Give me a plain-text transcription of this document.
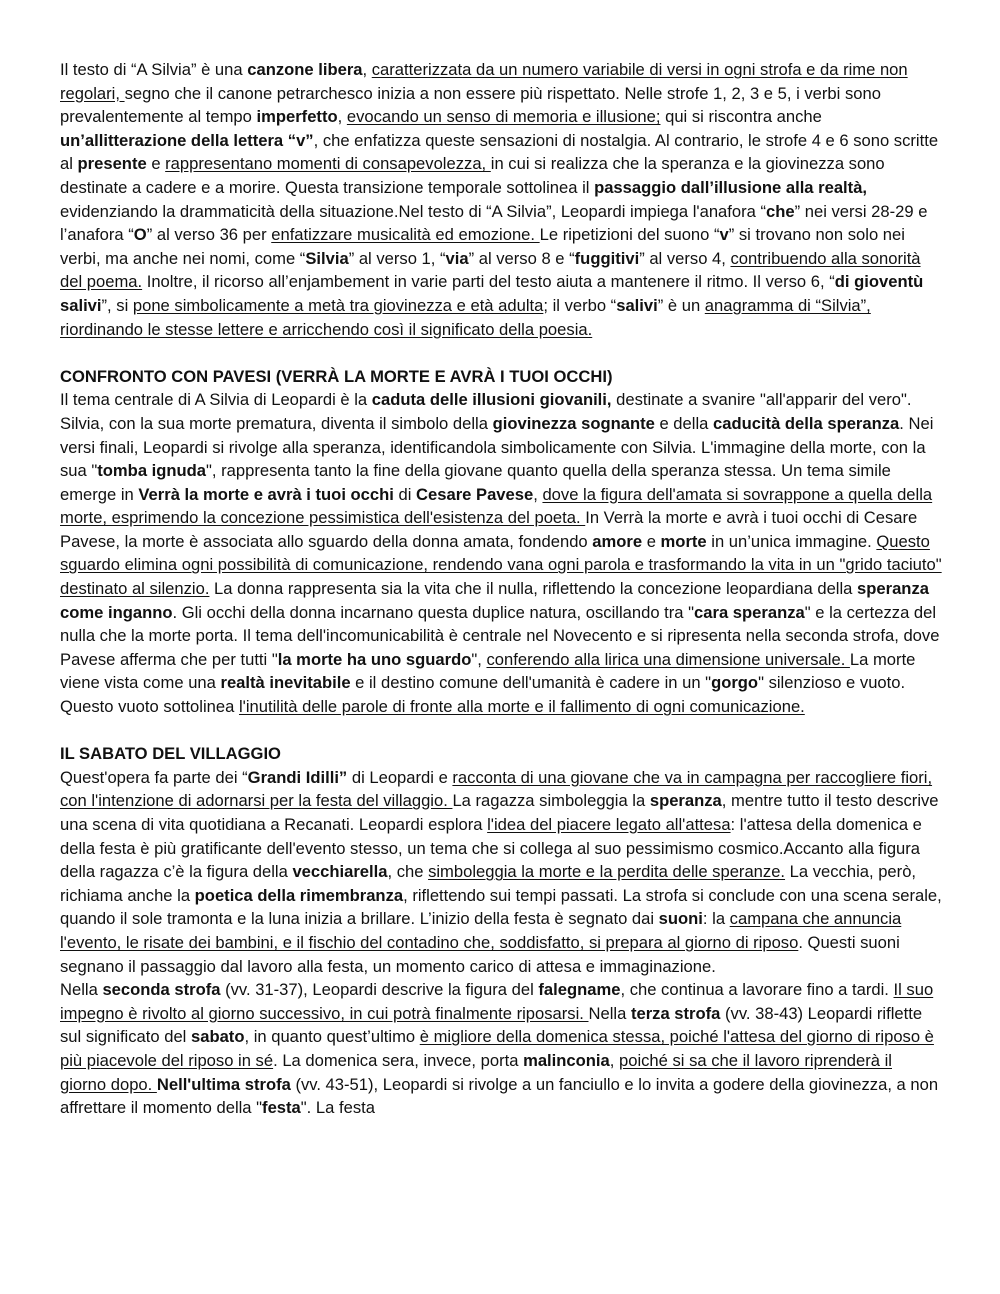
Il testo di “A Silvia” è una canzone libera, caratterizzata da un numero variabile di versi in ogni strofa e da rime non regolari, segno che il canone petrarchesco inizia a non essere più rispettato. Nelle strofe 1, 2, 3 e 5, i verbi sono prevalentemente al tempo imperfetto, evocando un senso di memoria e illusione; qui si riscontra anche un’allitterazione della lettera “v”, che enfatizza queste sensazioni di nostalgia. Al contrario, le strofe 4 e 6 sono scritte al presente e rappresentano momenti di consapevolezza, in cui si realizza che la speranza e la giovinezza sono destinate a cadere e a morire. Questa transizione temporale sottolinea il passaggio dall’illusione alla realtà, evidenziando la drammaticità della situazione.Nel testo di “A Silvia”, Leopardi impiega l'anafora “che” nei versi 28-29 e l’anafora “O” al verso 36 per enfatizzare musicalità ed emozione. Le ripetizioni del suono “v” si trovano non solo nei verbi, ma anche nei nomi, come “Silvia” al verso 1, “via” al verso 8 e “fuggitivi” al verso 4, contribuendo alla sonorità del poema. Inoltre, il ricorso all’enjambement in varie parti del testo aiuta a mantenere il ritmo. Il verso 6, “di gioventù salivi”, si pone simbolicamente a metà tra giovinezza e età adulta; il verbo “salivi” è un anagramma di “Silvia”, riordinando le stesse lettere e arricchendo così il significato della poesia.

CONFRONTO CON PAVESI (VERRÀ LA MORTE E AVRÀ I TUOI OCCHI)

Il tema centrale di A Silvia di Leopardi è la caduta delle illusioni giovanili, destinate a svanire "all'apparir del vero". Silvia, con la sua morte prematura, diventa il simbolo della giovinezza sognante e della caducità della speranza. Nei versi finali, Leopardi si rivolge alla speranza, identificandola simbolicamente con Silvia. L'immagine della morte, con la sua "tomba ignuda", rappresenta tanto la fine della giovane quanto quella della speranza stessa. Un tema simile emerge in Verrà la morte e avrà i tuoi occhi di Cesare Pavese, dove la figura dell'amata si sovrappone a quella della morte, esprimendo la concezione pessimistica dell'esistenza del poeta. In Verrà la morte e avrà i tuoi occhi di Cesare Pavese, la morte è associata allo sguardo della donna amata, fondendo amore e morte in un’unica immagine. Questo sguardo elimina ogni possibilità di comunicazione, rendendo vana ogni parola e trasformando la vita in un "grido taciuto" destinato al silenzio. La donna rappresenta sia la vita che il nulla, riflettendo la concezione leopardiana della speranza come inganno. Gli occhi della donna incarnano questa duplice natura, oscillando tra "cara speranza" e la certezza del nulla che la morte porta. Il tema dell'incomunicabilità è centrale nel Novecento e si ripresenta nella seconda strofa, dove Pavese afferma che per tutti "la morte ha uno sguardo", conferendo alla lirica una dimensione universale. La morte viene vista come una realtà inevitabile e il destino comune dell'umanità è cadere in un "gorgo" silenzioso e vuoto. Questo vuoto sottolinea l'inutilità delle parole di fronte alla morte e il fallimento di ogni comunicazione.

IL SABATO DEL VILLAGGIO

Quest'opera fa parte dei “Grandi Idilli” di Leopardi e racconta di una giovane che va in campagna per raccogliere fiori, con l'intenzione di adornarsi per la festa del villaggio. La ragazza simboleggia la speranza, mentre tutto il testo descrive una scena di vita quotidiana a Recanati. Leopardi esplora l'idea del piacere legato all'attesa: l'attesa della domenica e della festa è più gratificante dell'evento stesso, un tema che si collega al suo pessimismo cosmico.Accanto alla figura della ragazza c’è la figura della vecchiarella, che simboleggia la morte e la perdita delle speranze. La vecchia, però, richiama anche la poetica della rimembranza, riflettendo sui tempi passati. La strofa si conclude con una scena serale, quando il sole tramonta e la luna inizia a brillare. L’inizio della festa è segnato dai suoni: la campana che annuncia l'evento, le risate dei bambini, e il fischio del contadino che, soddisfatto, si prepara al giorno di riposo. Questi suoni segnano il passaggio dal lavoro alla festa, un momento carico di attesa e immaginazione.

Nella seconda strofa (vv. 31-37), Leopardi descrive la figura del falegname, che continua a lavorare fino a tardi. Il suo impegno è rivolto al giorno successivo, in cui potrà finalmente riposarsi. Nella terza strofa (vv. 38-43) Leopardi riflette sul significato del sabato, in quanto quest’ultimo è migliore della domenica stessa, poiché l'attesa del giorno di riposo è più piacevole del riposo in sé. La domenica sera, invece, porta malinconia, poiché si sa che il lavoro riprenderà il giorno dopo. Nell'ultima strofa (vv. 43-51), Leopardi si rivolge a un fanciullo e lo invita a godere della giovinezza, a non affrettare il momento della "festa". La festa
